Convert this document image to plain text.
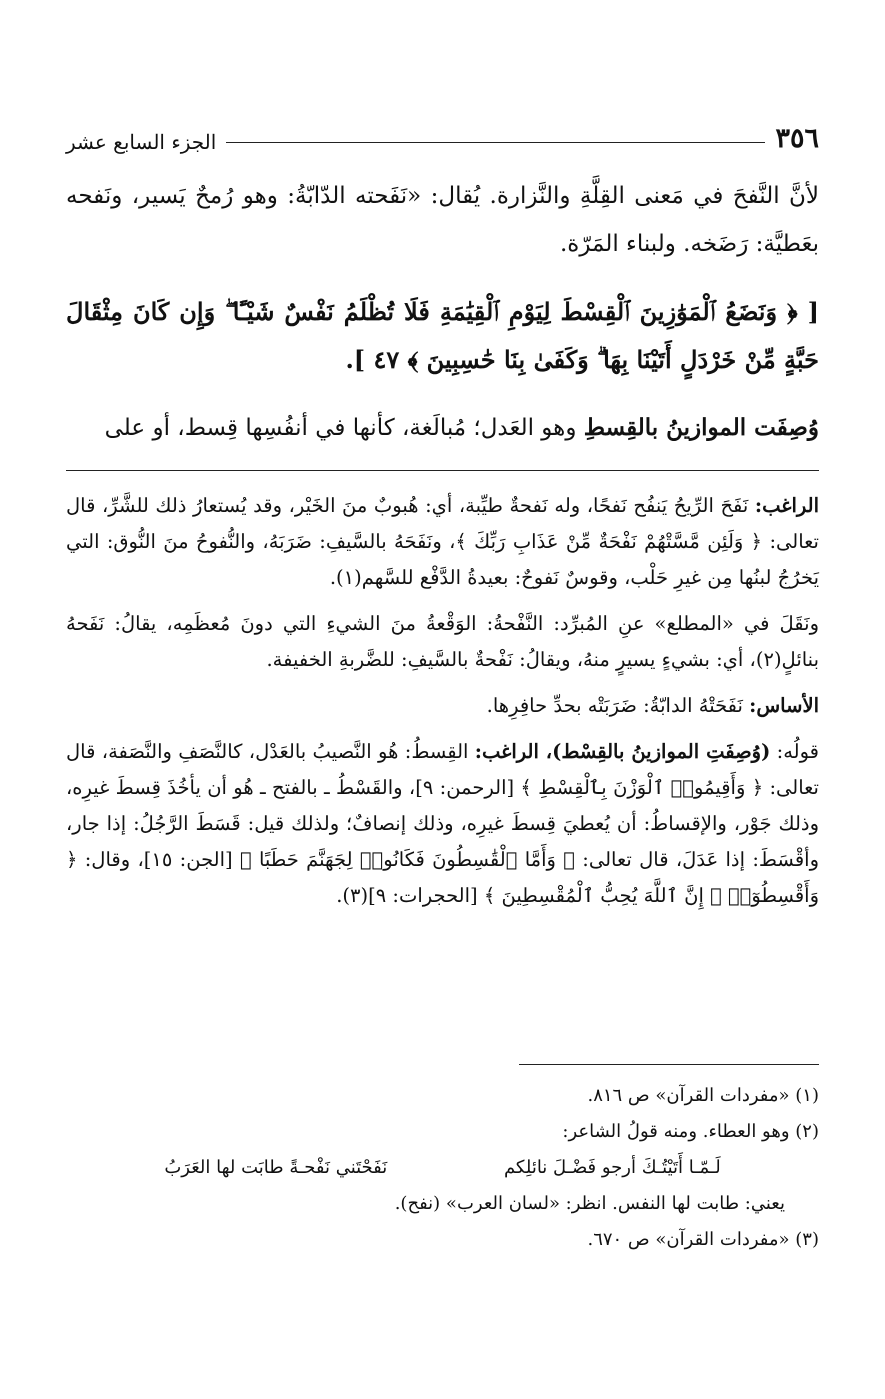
٣٥٦
الجزء السابع عشر

لأنَّ النَّفحَ في مَعنى القِلَّةِ والنَّزارة. يُقال: «نَفَحته الدّابّةُ: وهو رُمحٌ يَسير، ونَفحه بعَطيَّة: رَضَخه. ولبناء المَرّة.

[ ﴿ وَنَضَعُ ٱلْمَوَٰزِينَ ٱلْقِسْطَ لِيَوْمِ ٱلْقِيَٰمَةِ فَلَا تُظْلَمُ نَفْسٌ شَيْـًٔا ۖ وَإِن كَانَ مِثْقَالَ حَبَّةٍ مِّنْ خَرْدَلٍ أَتَيْنَا بِهَا ۗ وَكَفَىٰ بِنَا حَٰسِبِينَ ﴾ ٤٧ ].

وُصِفَت الموازينُ بالقِسطِ وهو العَدل؛ مُبالَغة، كأنها في أنفُسِها قِسط، أو على

الراغب: نَفَحَ الرِّيحُ يَنفُح نَفحًا، وله نَفحةٌ طيِّبة، أي: هُبوبٌ منَ الخَيْر، وقد يُستعارُ ذلك للشَّرِّ، قال تعالى: ﴿ وَلَئِن مَّسَّتْهُمْ نَفْحَةٌ مِّنْ عَذَابِ رَبِّكَ ﴾، ونَفَحَهُ بالسَّيفِ: ضَرَبَهُ، والنُّفوحُ منَ النُّوق: التي يَخرُجُ لبنُها مِن غيرِ حَلْب، وقوسٌ نَفوحٌ: بعيدةُ الدَّفْع للسَّهم(١).

ونَقَلَ في «المطلع» عنِ المُبرِّد: النَّفْحةُ: الوَقْعةُ منَ الشيءِ التي دونَ مُعظَمِه، يقالُ: نَفَحهُ بنائلٍ(٢)، أي: بشيءٍ يسيرٍ منهُ، ويقالُ: نَفْحةٌ بالسَّيفِ: للضَّربةِ الخفيفة.

الأساس: نَفَحَتْهُ الدابّةُ: ضَرَبَتْه بحدِّ حافِرِها.

قولُه: (وُصِفَتِ الموازينُ بالقِسْط)، الراغب: القِسطُ: هُو النَّصيبُ بالعَدْل، كالنَّصَفِ والنَّصَفة، قال تعالى: ﴿ وَأَقِيمُوا۟ ٱلْوَزْنَ بِٱلْقِسْطِ ﴾ [الرحمن: ٩]، والقَسْطُ ـ بالفتح ـ هُو أن يأخُذَ قِسطَ غيرِه، وذلك جَوْر، والإقساطُ: أن يُعطيَ قِسطَ غيرِه، وذلك إنصافٌ؛ ولذلك قيل: قَسَطَ الرَّجُلُ: إذا جار، وأقْسَطَ: إذا عَدَلَ، قال تعالى: ﴿ وَأَمَّا ٱلْقَٰسِطُونَ فَكَانُوا۟ لِجَهَنَّمَ حَطَبًا ﴾ [الجن: ١٥]، وقال: ﴿ وَأَقْسِطُوٓا۟ ۖ إِنَّ ٱللَّهَ يُحِبُّ ٱلْمُقْسِطِينَ ﴾ [الحجرات: ٩](٣).

(١) «مفردات القرآن» ص ٨١٦.

(٢) وهو العطاء. ومنه قولُ الشاعر:

لَـمّـا أَتَيْتُـكَ أرجو فَضْـلَ نائلِكم
نَفَحْتَني نَفْحـةً طابَت لها العَرَبُ

يعني: طابت لها النفس. انظر: «لسان العرب» (نفح).

(٣) «مفردات القرآن» ص ٦٧٠.
